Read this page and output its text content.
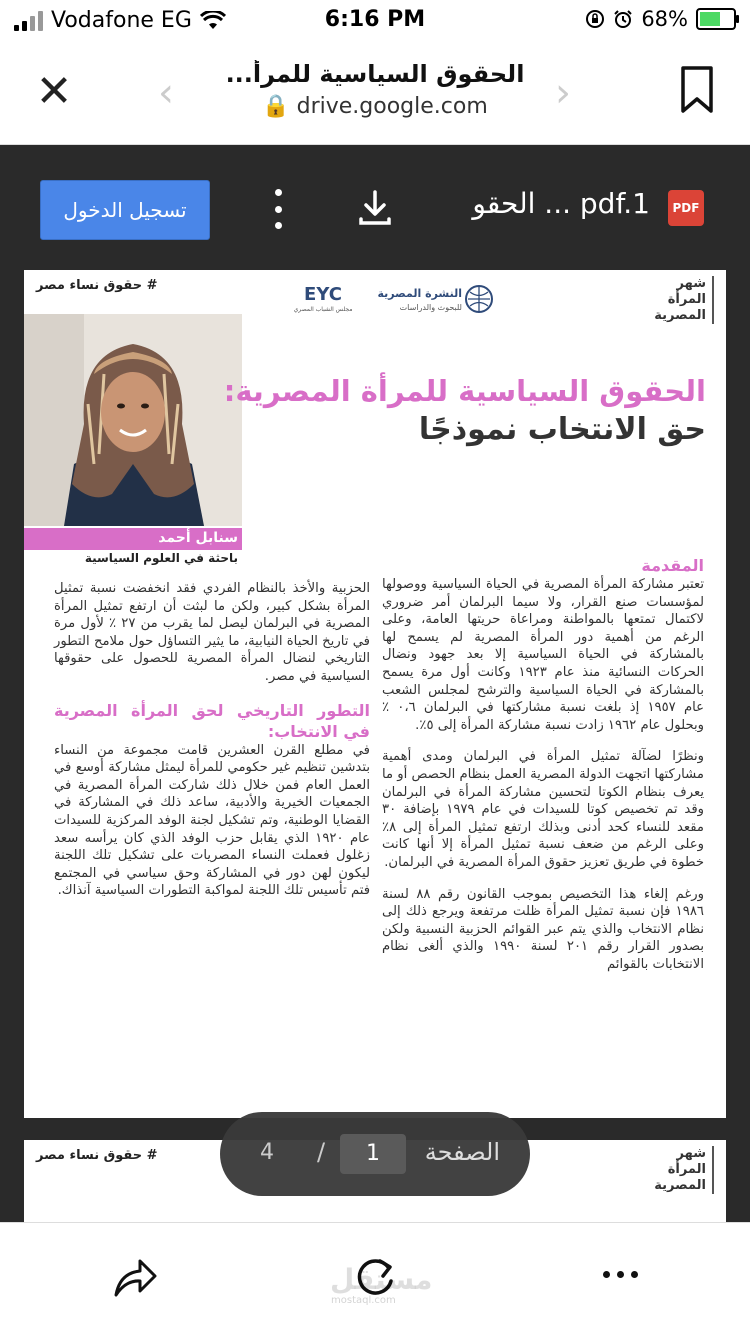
Vodafone EG	6:16 PM	68%
✕ ‹	الحقوق السياسية للمرأ...
🔒 drive.google.com	›
تسجيل الدخول	الحقو ... pdf.1	PDF
شهر
المرأة
المصرية
# حقوق نساء مصر
النشرة المصرية
للبحوث والدراسات
EYC
مجلس الشباب المصري
سنابل أحمد
باحثة في العلوم السياسية
الحقوق السياسية للمرأة المصرية:
حق الانتخاب نموذجًا
المقدمة

تعتبر مشاركة المرأة المصرية في الحياة السياسية ووصولها لمؤسسات صنع القرار، ولا سيما البرلمان أمر ضروري لاكتمال تمتعها بالمواطنة ومراعاة حريتها العامة، وعلى الرغم من أهمية دور المرأة المصرية لم يسمح لها بالمشاركة في الحياة السياسية إلا بعد جهود ونضال الحركات النسائية منذ عام ١٩٢٣ وكانت أول مرة يسمح بالمشاركة في الحياة السياسية والترشح لمجلس الشعب عام ١٩٥٧ إذ بلغت نسبة مشاركتها في البرلمان ٠،٦ ٪ وبحلول عام ١٩٦٢ زادت نسبة مشاركة المرأة إلى ٥٪.

ونظرًا لضآلة تمثيل المرأة في البرلمان ومدى أهمية مشاركتها اتجهت الدولة المصرية العمل بنظام الحصص أو ما يعرف بنظام الكوتا لتحسين مشاركة المرأة في البرلمان وقد تم تخصيص كوتا للسيدات في عام ١٩٧٩ بإضافة ٣٠ مقعد للنساء كحد أدنى وبذلك ارتفع تمثيل المرأة إلى ٨٪ وعلى الرغم من ضعف نسبة تمثيل المرأة إلا أنها كانت خطوة في طريق تعزيز حقوق المرأة المصرية في البرلمان.

ورغم إلغاء هذا التخصيص بموجب القانون رقم ٨٨ لسنة ١٩٨٦ فإن نسبة تمثيل المرأة ظلت مرتفعة ويرجع ذلك إلى نظام الانتخاب والذي يتم عبر القوائم الحزبية النسبية ولكن بصدور القرار رقم ٢٠١ لسنة ١٩٩٠ والذي ألغى نظام الانتخابات بالقوائم

الحزبية والأخذ بالنظام الفردي فقد انخفضت نسبة تمثيل المرأة بشكل كبير، ولكن ما لبثت أن ارتفع تمثيل المرأة المصرية في البرلمان ليصل لما يقرب من ٢٧ ٪ لأول مرة في تاريخ الحياة النيابية، ما يثير التساؤل حول ملامح التطور التاريخي لنضال المرأة المصرية للحصول على حقوقها السياسية في مصر.

التطور التاريخي لحق المرأة المصرية في الانتخاب:

في مطلع القرن العشرين قامت مجموعة من النساء بتدشين تنظيم غير حكومي للمرأة ليمثل مشاركة أوسع في العمل العام فمن خلال ذلك شاركت المرأة المصرية في الجمعيات الخيرية والأدبية، ساعد ذلك في المشاركة في القضايا الوطنية، وتم تشكيل لجنة الوفد المركزية للسيدات عام ١٩٢٠ الذي يقابل حزب الوفد الذي كان يرأسه سعد زغلول فعملت النساء المصريات على تشكيل تلك اللجنة ليكون لهن دور في المشاركة وحق سياسي في المجتمع فتم تأسيس تلك اللجنة لمواكبة التطورات السياسية آنذاك.

شهر
المرأة
المصرية
# حقوق نساء مصر	الصفحة
1
/
4
مستقل
mostaql.com
